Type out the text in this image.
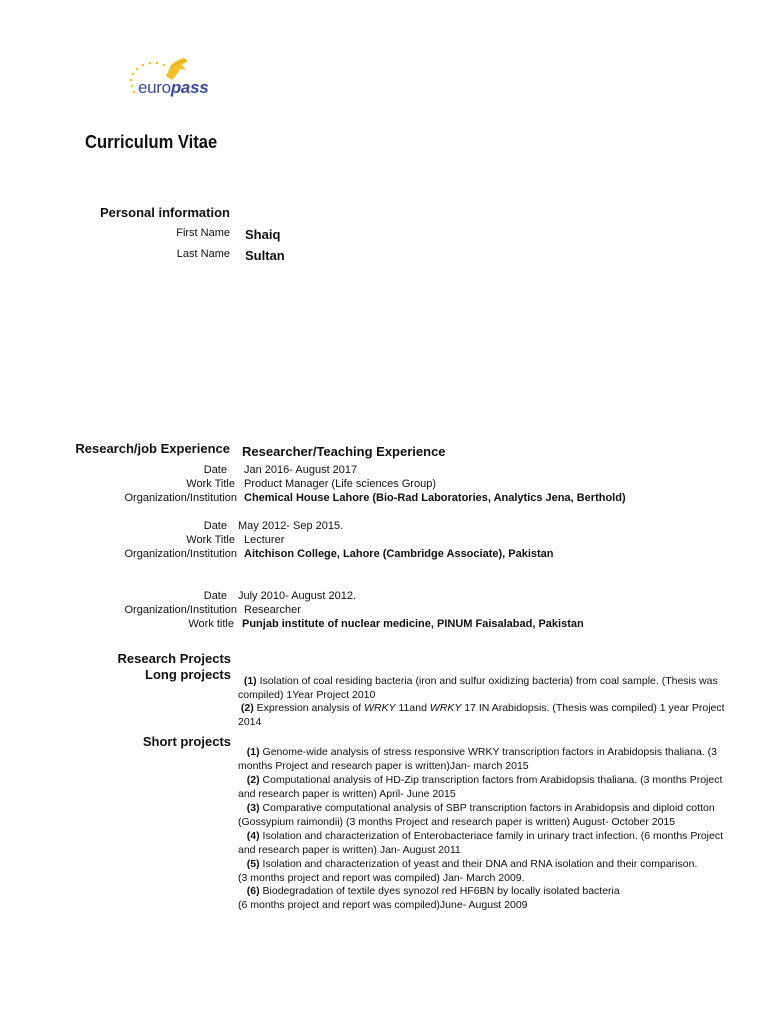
europass
Curriculum Vitae
Personal information
First Name Shaiq
Last Name Sultan
Research/job Experience Researcher/Teaching Experience
Date Jan 2016- August 2017
Work Title Product Manager (Life sciences Group)
Organization/Institution Chemical House Lahore (Bio-Rad Laboratories, Analytics Jena, Berthold)
Date May 2012- Sep 2015.
Work Title Lecturer
Organization/Institution Aitchison College, Lahore (Cambridge Associate), Pakistan
Date July 2010- August 2012.
Organization/Institution Researcher
Work title Punjab institute of nuclear medicine, PINUM Faisalabad, Pakistan
Research Projects
Long projects	(1) Isolation of coal residing bacteria (iron and sulfur oxidizing bacteria) from coal sample. (Thesis was compiled) 1Year Project 2010
(2) Expression analysis of WRKY 11and WRKY 17 IN Arabidopsis. (Thesis was compiled) 1 year Project 2014
Short projects
(1) Genome-wide analysis of stress responsive WRKY transcription factors in Arabidopsis thaliana. (3
months Project and research paper is written)Jan- march 2015
(2) Computational analysis of HD-Zip transcription factors from Arabidopsis thaliana. (3 months Project
and research paper is written) April- June 2015
(3) Comparative computational analysis of SBP transcription factors in Arabidopsis and diploid cotton
(Gossypium raimondii) (3 months Project and research paper is written) August- October 2015
(4) Isolation and characterization of Enterobacteriace family in urinary tract infection. (6 months Project
and research paper is written) Jan- August 2011
(5) Isolation and characterization of yeast and their DNA and RNA isolation and their comparison.
(3 months project and report was compiled) Jan- March 2009.
(6) Biodegradation of textile dyes synozol red HF6BN by locally isolated bacteria
(6 months project and report was compiled)June- August 2009
